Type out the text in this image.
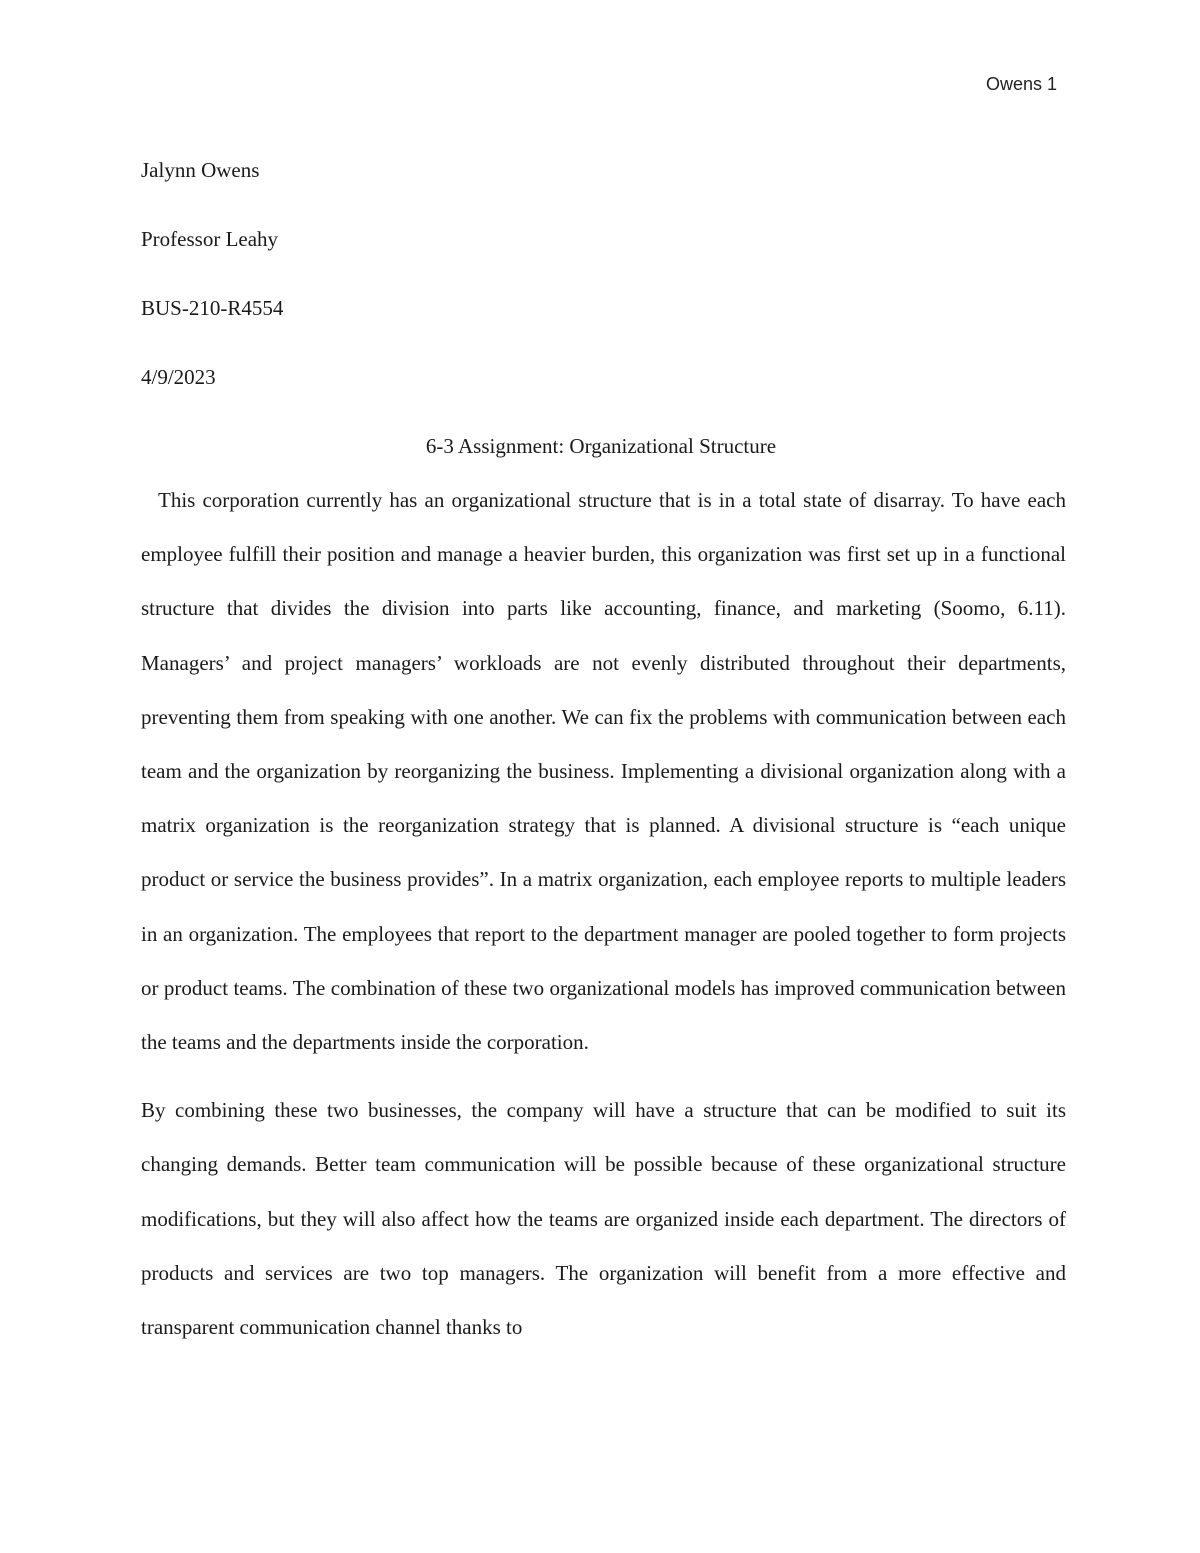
Owens 1

Jalynn Owens

Professor Leahy

BUS-210-R4554

4/9/2023

6-3 Assignment: Organizational Structure

This corporation currently has an organizational structure that is in a total state of disarray. To have each employee fulfill their position and manage a heavier burden, this organization was first set up in a functional structure that divides the division into parts like accounting, finance, and marketing (Soomo, 6.11). Managers’ and project managers’ workloads are not evenly distributed throughout their departments, preventing them from speaking with one another. We can fix the problems with communication between each team and the organization by reorganizing the business. Implementing a divisional organization along with a matrix organization is the reorganization strategy that is planned. A divisional structure is “each unique product or service the business provides”. In a matrix organization, each employee reports to multiple leaders in an organization. The employees that report to the department manager are pooled together to form projects or product teams. The combination of these two organizational models has improved communication between the teams and the departments inside the corporation.

By combining these two businesses, the company will have a structure that can be modified to suit its changing demands. Better team communication will be possible because of these organizational structure modifications, but they will also affect how the teams are organized inside each department. The directors of products and services are two top managers. The organization will benefit from a more effective and transparent communication channel thanks to
